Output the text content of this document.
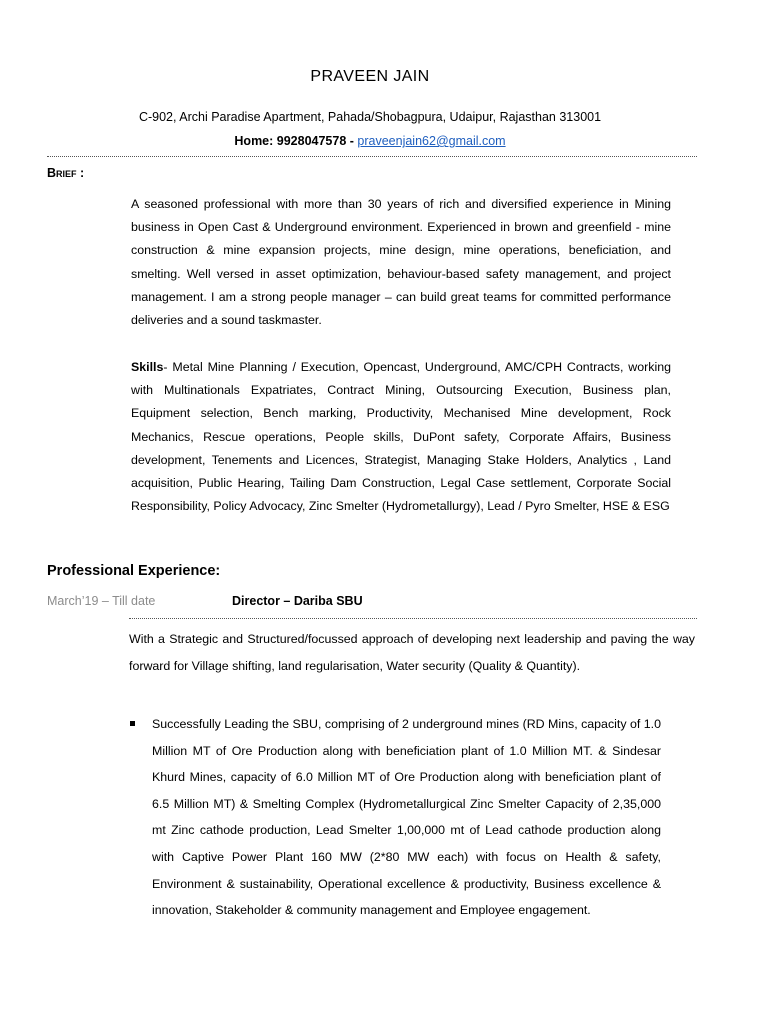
PRAVEEN JAIN
C-902, Archi Paradise Apartment, Pahada/Shobagpura, Udaipur, Rajasthan 313001
Home: 9928047578 - praveenjain62@gmail.com
Brief :
A seasoned professional with more than 30 years of rich and diversified experience in Mining business in Open Cast & Underground environment. Experienced in brown and greenfield - mine construction & mine expansion projects, mine design, mine operations, beneficiation, and smelting. Well versed in asset optimization, behaviour-based safety management, and project management. I am a strong people manager – can build great teams for committed performance deliveries and a sound taskmaster.
Skills- Metal Mine Planning / Execution, Opencast, Underground, AMC/CPH Contracts, working with Multinationals Expatriates, Contract Mining, Outsourcing Execution, Business plan, Equipment selection, Bench marking, Productivity, Mechanised Mine development, Rock Mechanics, Rescue operations, People skills, DuPont safety, Corporate Affairs, Business development, Tenements and Licences, Strategist, Managing Stake Holders, Analytics , Land acquisition, Public Hearing, Tailing Dam Construction, Legal Case settlement, Corporate Social Responsibility, Policy Advocacy, Zinc Smelter (Hydrometallurgy), Lead / Pyro Smelter, HSE & ESG
Professional Experience:
March’19 – Till date	Director – Dariba SBU
With a Strategic and Structured/focussed approach of developing next leadership and paving the way forward for Village shifting, land regularisation, Water security (Quality & Quantity).
Successfully Leading the SBU, comprising of 2 underground mines (RD Mins, capacity of 1.0 Million MT of Ore Production along with beneficiation plant of 1.0 Million MT. & Sindesar Khurd Mines, capacity of 6.0 Million MT of Ore Production along with beneficiation plant of 6.5 Million MT) & Smelting Complex (Hydrometallurgical Zinc Smelter Capacity of 2,35,000 mt Zinc cathode production, Lead Smelter 1,00,000 mt of Lead cathode production along with Captive Power Plant 160 MW (2*80 MW each) with focus on Health & safety, Environment & sustainability, Operational excellence & productivity, Business excellence & innovation, Stakeholder & community management and Employee engagement.
